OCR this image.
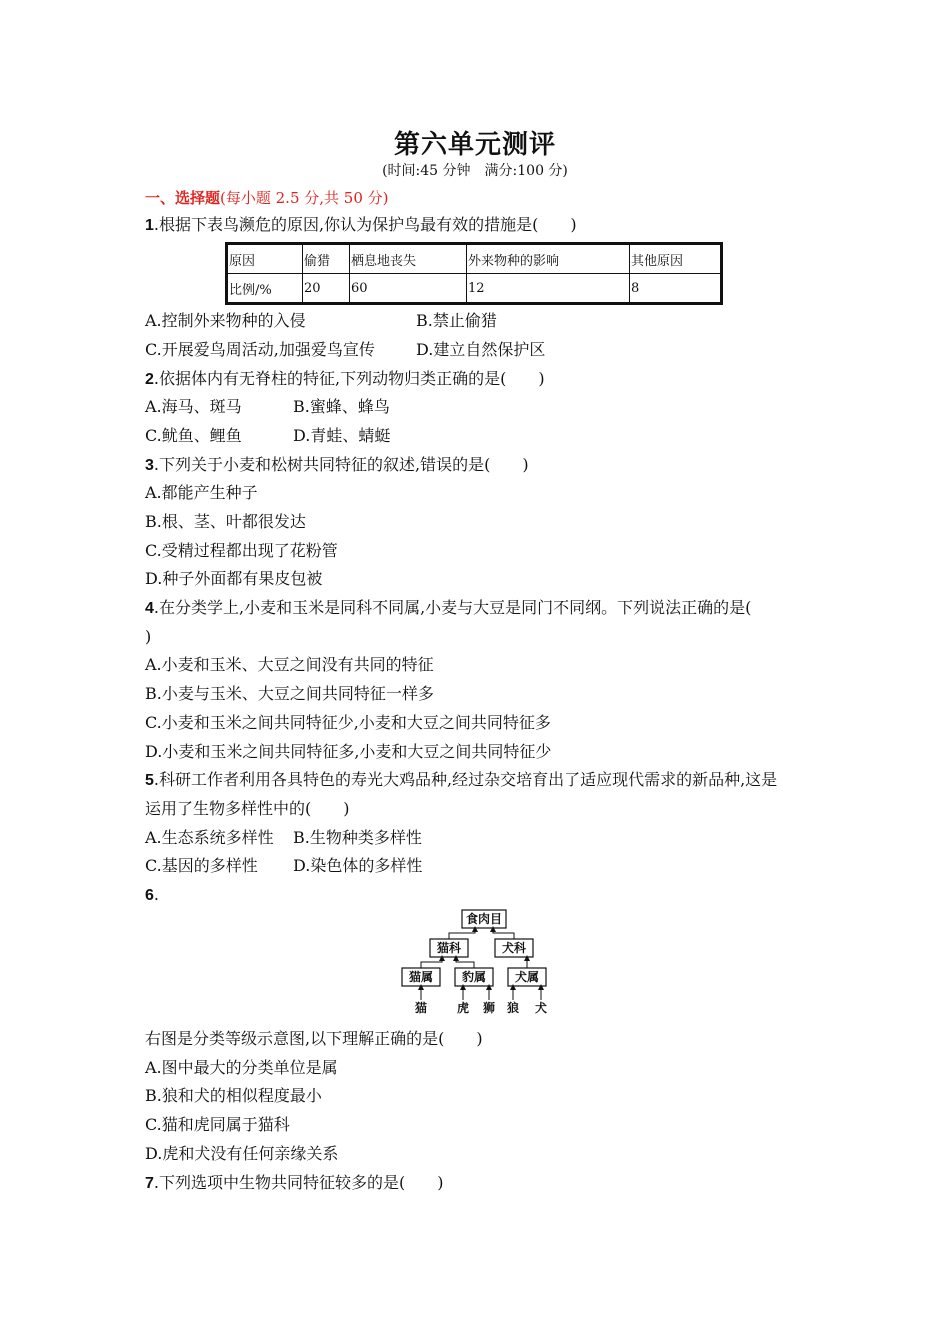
第六单元测评
(时间:45 分钟　满分:100 分)
一、选择题(每小题 2.5 分,共 50 分)
1.根据下表鸟濒危的原因,你认为保护鸟最有效的措施是(　　)
原因	偷猎	栖息地丧失	外来物种的影响	其他原因
比例/%	20	60	12	8
A.控制外来物种的入侵	B.禁止偷猎
C.开展爱鸟周活动,加强爱鸟宣传	D.建立自然保护区
2.依据体内有无脊柱的特征,下列动物归类正确的是(　　)
A.海马、斑马	B.蜜蜂、蜂鸟
C.鱿鱼、鲤鱼	D.青蛙、蜻蜓
3.下列关于小麦和松树共同特征的叙述,错误的是(　　)
A.都能产生种子
B.根、茎、叶都很发达
C.受精过程都出现了花粉管
D.种子外面都有果皮包被
4.在分类学上,小麦和玉米是同科不同属,小麦与大豆是同门不同纲。下列说法正确的是(
)
A.小麦和玉米、大豆之间没有共同的特征
B.小麦与玉米、大豆之间共同特征一样多
C.小麦和玉米之间共同特征少,小麦和大豆之间共同特征多
D.小麦和玉米之间共同特征多,小麦和大豆之间共同特征少
5.科研工作者利用各具特色的寿光大鸡品种,经过杂交培育出了适应现代需求的新品种,这是
运用了生物多样性中的(　　)
A.生态系统多样性 B.生物种类多样性
C.基因的多样性 D.染色体的多样性
6.
食肉目
猫科	犬科
猫属 豹属 犬属
猫 虎 狮 狼 犬
右图是分类等级示意图,以下理解正确的是(　　)
A.图中最大的分类单位是属
B.狼和犬的相似程度最小
C.猫和虎同属于猫科
D.虎和犬没有任何亲缘关系
7.下列选项中生物共同特征较多的是(　　)
